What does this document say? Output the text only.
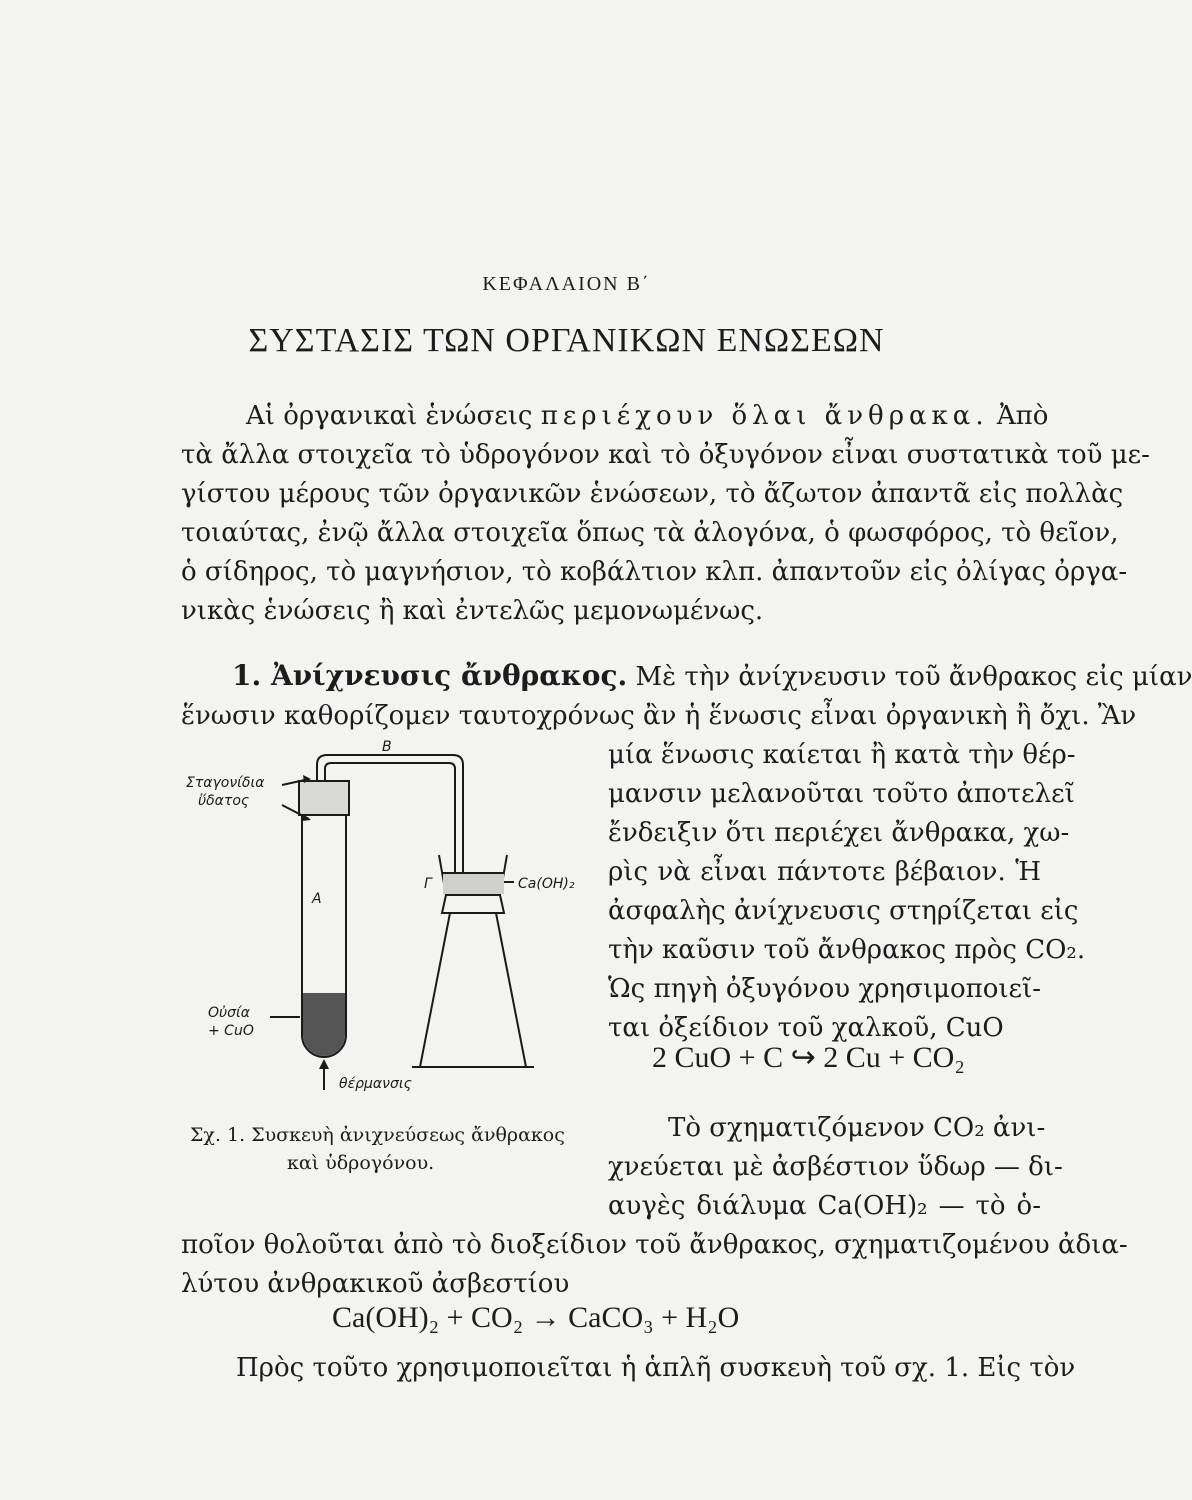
ΚΕΦΑΛΑΙΟΝ Β΄
ΣΥΣΤΑΣΙΣ ΤΩΝ ΟΡΓΑΝΙΚΩΝ ΕΝΩΣΕΩΝ
Αἱ ὀργανικαὶ ἑνώσεις περιέχουν ὅλαι ἄνθρακα. Ἀπὸ
τὰ ἄλλα στοιχεῖα τὸ ὑδρογόνον καὶ τὸ ὀξυγόνον εἶναι συστατικὰ τοῦ με-
γίστου μέρους τῶν ὀργανικῶν ἑνώσεων, τὸ ἄζωτον ἀπαντᾶ εἰς πολλὰς
τοιαύτας, ἐνῷ ἄλλα στοιχεῖα ὅπως τὰ ἀλογόνα, ὁ φωσφόρος, τὸ θεῖον,
ὁ σίδηρος, τὸ μαγνήσιον, τὸ κοβάλτιον κλπ. ἀπαντοῦν εἰς ὀλίγας ὀργα-
νικὰς ἑνώσεις ἢ καὶ ἐντελῶς μεμονωμένως.
1. Ἀνίχνευσις ἄνθρακος. Μὲ τὴν ἀνίχνευσιν τοῦ ἄνθρακος εἰς μίαν
ἕνωσιν καθορίζομεν ταυτοχρόνως ἂν ἡ ἕνωσις εἶναι ὀργανικὴ ἢ ὄχι. Ἂν
μία ἕνωσις καίεται ἢ κατὰ τὴν θέρ-
μανσιν μελανοῦται τοῦτο ἀποτελεῖ
ἔνδειξιν ὅτι περιέχει ἄνθρακα, χω-
ρὶς νὰ εἶναι πάντοτε βέβαιον. Ἡ
ἀσφαλὴς ἀνίχνευσις στηρίζεται εἰς
τὴν καῦσιν τοῦ ἄνθρακος πρὸς CO₂.
Ὡς πηγὴ ὀξυγόνου χρησιμοποιεῖ-
ται ὀξείδιον τοῦ χαλκοῦ, CuO
2 CuO + C ↪ 2 Cu + CO₂
Τὸ σχηματιζόμενον CO₂ ἀνι-
χνεύεται μὲ ἀσβέστιον ὕδωρ — δι-
αυγὲς διάλυμα Ca(OH)₂ — τὸ ὁ-
ποῖον θολοῦται ἀπὸ τὸ διοξείδιον τοῦ ἄνθρακος, σχηματιζομένου ἀδια-
λύτου ἀνθρακικοῦ ἀσβεστίου
Ca(OH)₂ + CO₂ → CaCO₃ + H₂O
Πρὸς τοῦτο χρησιμοποιεῖται ἡ ἁπλῆ συσκευὴ τοῦ σχ. 1. Εἰς τὸν
Β
Σταγονίδια
ὕδατος
Α
Γ	Ca(OH)₂
Οὐσία
+ CuO
θέρμανσις
Σχ. 1. Συσκευὴ ἀνιχνεύσεως ἄνθρακος
καὶ ὑδρογόνου.
